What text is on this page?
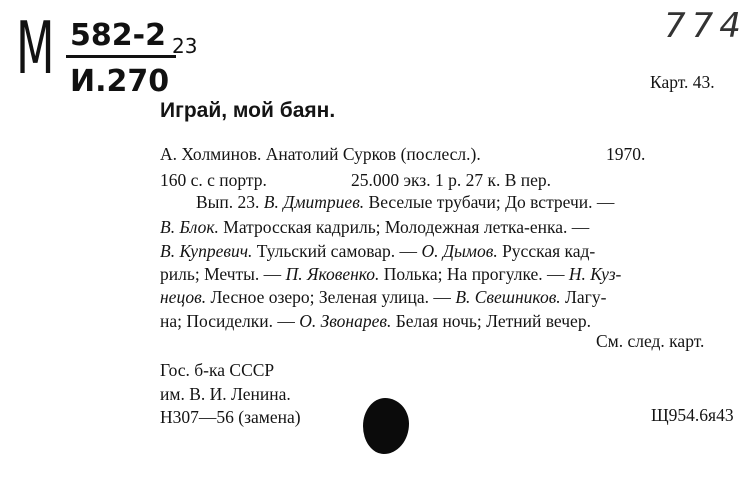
М 582-2 23
И.270
774
Карт. 43.
Играй, мой баян.
А. Холминов. Анатолий Сурков (послесл.).	1970.
160 с. с портр.	25.000 экз. 1 р. 27 к. В пер.
Вып. 23. В. Дмитриев. Веселые трубачи; До встречи. —
В. Блок. Матросская кадриль; Молодежная летка-енка. —
В. Купревич. Тульский самовар. — О. Дымов. Русская кад-
риль; Мечты. — П. Яковенко. Полька; На прогулке. — Н. Куз-
нецов. Лесное озеро; Зеленая улица. — В. Свешников. Лагу-
на; Посиделки. — О. Звонарев. Белая ночь; Летний вечер.
См. след. карт.
Гос. б-ка СССР
им. В. И. Ленина.
Н307—56 (замена)	Щ954.6я43
